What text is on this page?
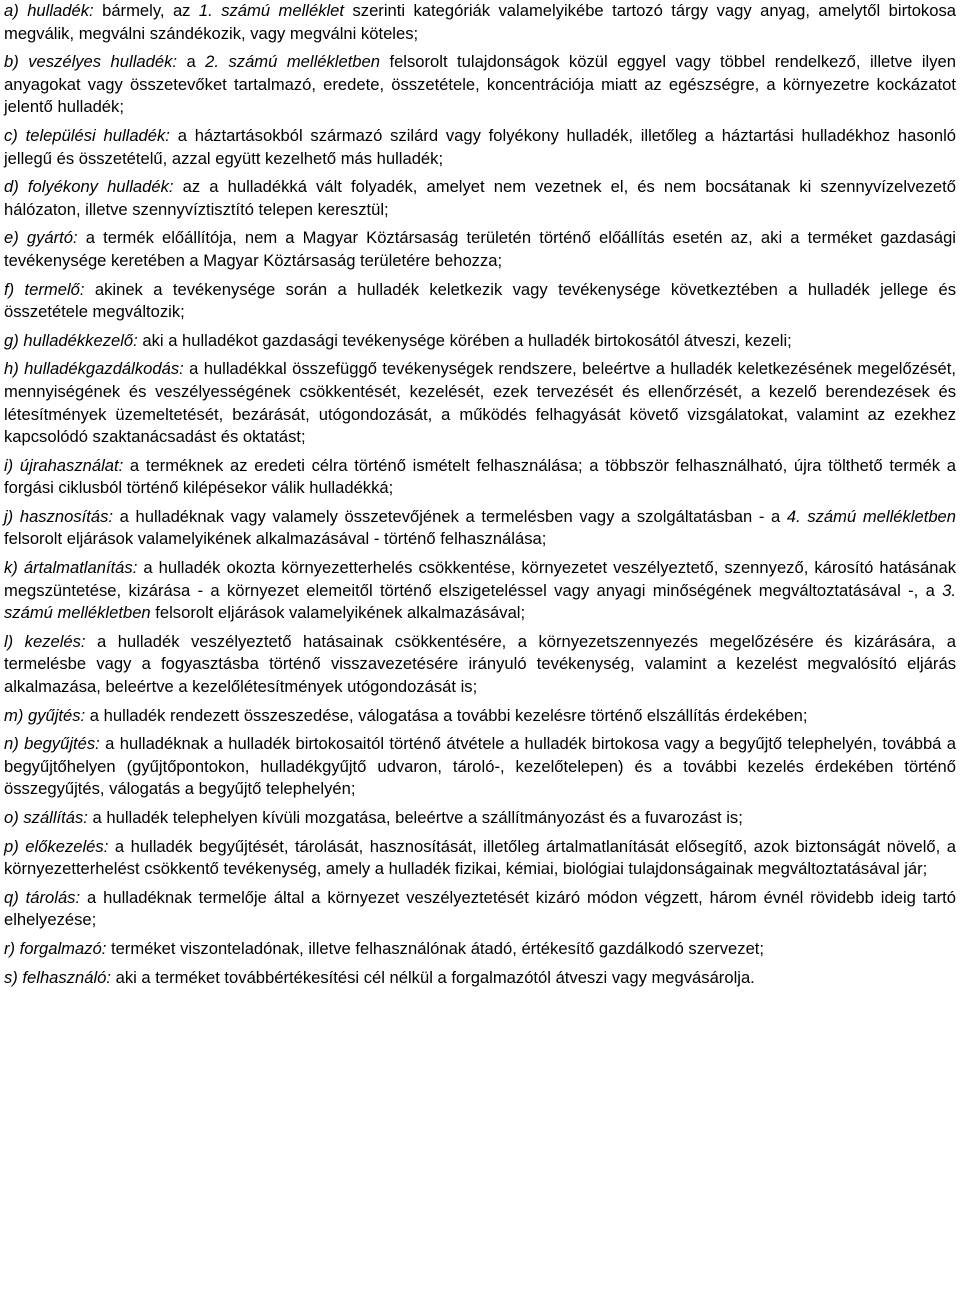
a) hulladék: bármely, az 1. számú melléklet szerinti kategóriák valamelyikébe tartozó tárgy vagy anyag, amelytől birtokosa megválik, megválni szándékozik, vagy megválni köteles;

b) veszélyes hulladék: a 2. számú mellékletben felsorolt tulajdonságok közül eggyel vagy többel rendelkező, illetve ilyen anyagokat vagy összetevőket tartalmazó, eredete, összetétele, koncentrációja miatt az egészségre, a környezetre kockázatot jelentő hulladék;

c) települési hulladék: a háztartásokból származó szilárd vagy folyékony hulladék, illetőleg a háztartási hulladékhoz hasonló jellegű és összetételű, azzal együtt kezelhető más hulladék;

d) folyékony hulladék: az a hulladékká vált folyadék, amelyet nem vezetnek el, és nem bocsátanak ki szennyvízelvezető hálózaton, illetve szennyvíztisztító telepen keresztül;

e) gyártó: a termék előállítója, nem a Magyar Köztársaság területén történő előállítás esetén az, aki a terméket gazdasági tevékenysége keretében a Magyar Köztársaság területére behozza;

f) termelő: akinek a tevékenysége során a hulladék keletkezik vagy tevékenysége következtében a hulladék jellege és összetétele megváltozik;

g) hulladékkezelő: aki a hulladékot gazdasági tevékenysége körében a hulladék birtokosától átveszi, kezeli;

h) hulladékgazdálkodás: a hulladékkal összefüggő tevékenységek rendszere, beleértve a hulladék keletkezésének megelőzését, mennyiségének és veszélyességének csökkentését, kezelését, ezek tervezését és ellenőrzését, a kezelő berendezések és létesítmények üzemeltetését, bezárását, utógondozását, a működés felhagyását követő vizsgálatokat, valamint az ezekhez kapcsolódó szaktanácsadást és oktatást;

i) újrahasználat: a terméknek az eredeti célra történő ismételt felhasználása; a többször felhasználható, újra tölthető termék a forgási ciklusból történő kilépésekor válik hulladékká;

j) hasznosítás: a hulladéknak vagy valamely összetevőjének a termelésben vagy a szolgáltatásban - a 4. számú mellékletben felsorolt eljárások valamelyikének alkalmazásával - történő felhasználása;

k) ártalmatlanítás: a hulladék okozta környezetterhelés csökkentése, környezetet veszélyeztető, szennyező, károsító hatásának megszüntetése, kizárása - a környezet elemeitől történő elszigeteléssel vagy anyagi minőségének megváltoztatásával -, a 3. számú mellékletben felsorolt eljárások valamelyikének alkalmazásával;

l) kezelés: a hulladék veszélyeztető hatásainak csökkentésére, a környezetszennyezés megelőzésére és kizárására, a termelésbe vagy a fogyasztásba történő visszavezetésére irányuló tevékenység, valamint a kezelést megvalósító eljárás alkalmazása, beleértve a kezelőlétesítmények utógondozását is;

m) gyűjtés: a hulladék rendezett összeszedése, válogatása a további kezelésre történő elszállítás érdekében;

n) begyűjtés: a hulladéknak a hulladék birtokosaitól történő átvétele a hulladék birtokosa vagy a begyűjtő telephelyén, továbbá a begyűjtőhelyen (gyűjtőpontokon, hulladékgyűjtő udvaron, tároló-, kezelőtelepen) és a további kezelés érdekében történő összegyűjtés, válogatás a begyűjtő telephelyén;

o) szállítás: a hulladék telephelyen kívüli mozgatása, beleértve a szállítmányozást és a fuvarozást is;

p) előkezelés: a hulladék begyűjtését, tárolását, hasznosítását, illetőleg ártalmatlanítását elősegítő, azok biztonságát növelő, a környezetterhelést csökkentő tevékenység, amely a hulladék fizikai, kémiai, biológiai tulajdonságainak megváltoztatásával jár;

q) tárolás: a hulladéknak termelője által a környezet veszélyeztetését kizáró módon végzett, három évnél rövidebb ideig tartó elhelyezése;

r) forgalmazó: terméket viszonteladónak, illetve felhasználónak átadó, értékesítő gazdálkodó szervezet;

s) felhasználó: aki a terméket továbbértékesítési cél nélkül a forgalmazótól átveszi vagy megvásárolja.
